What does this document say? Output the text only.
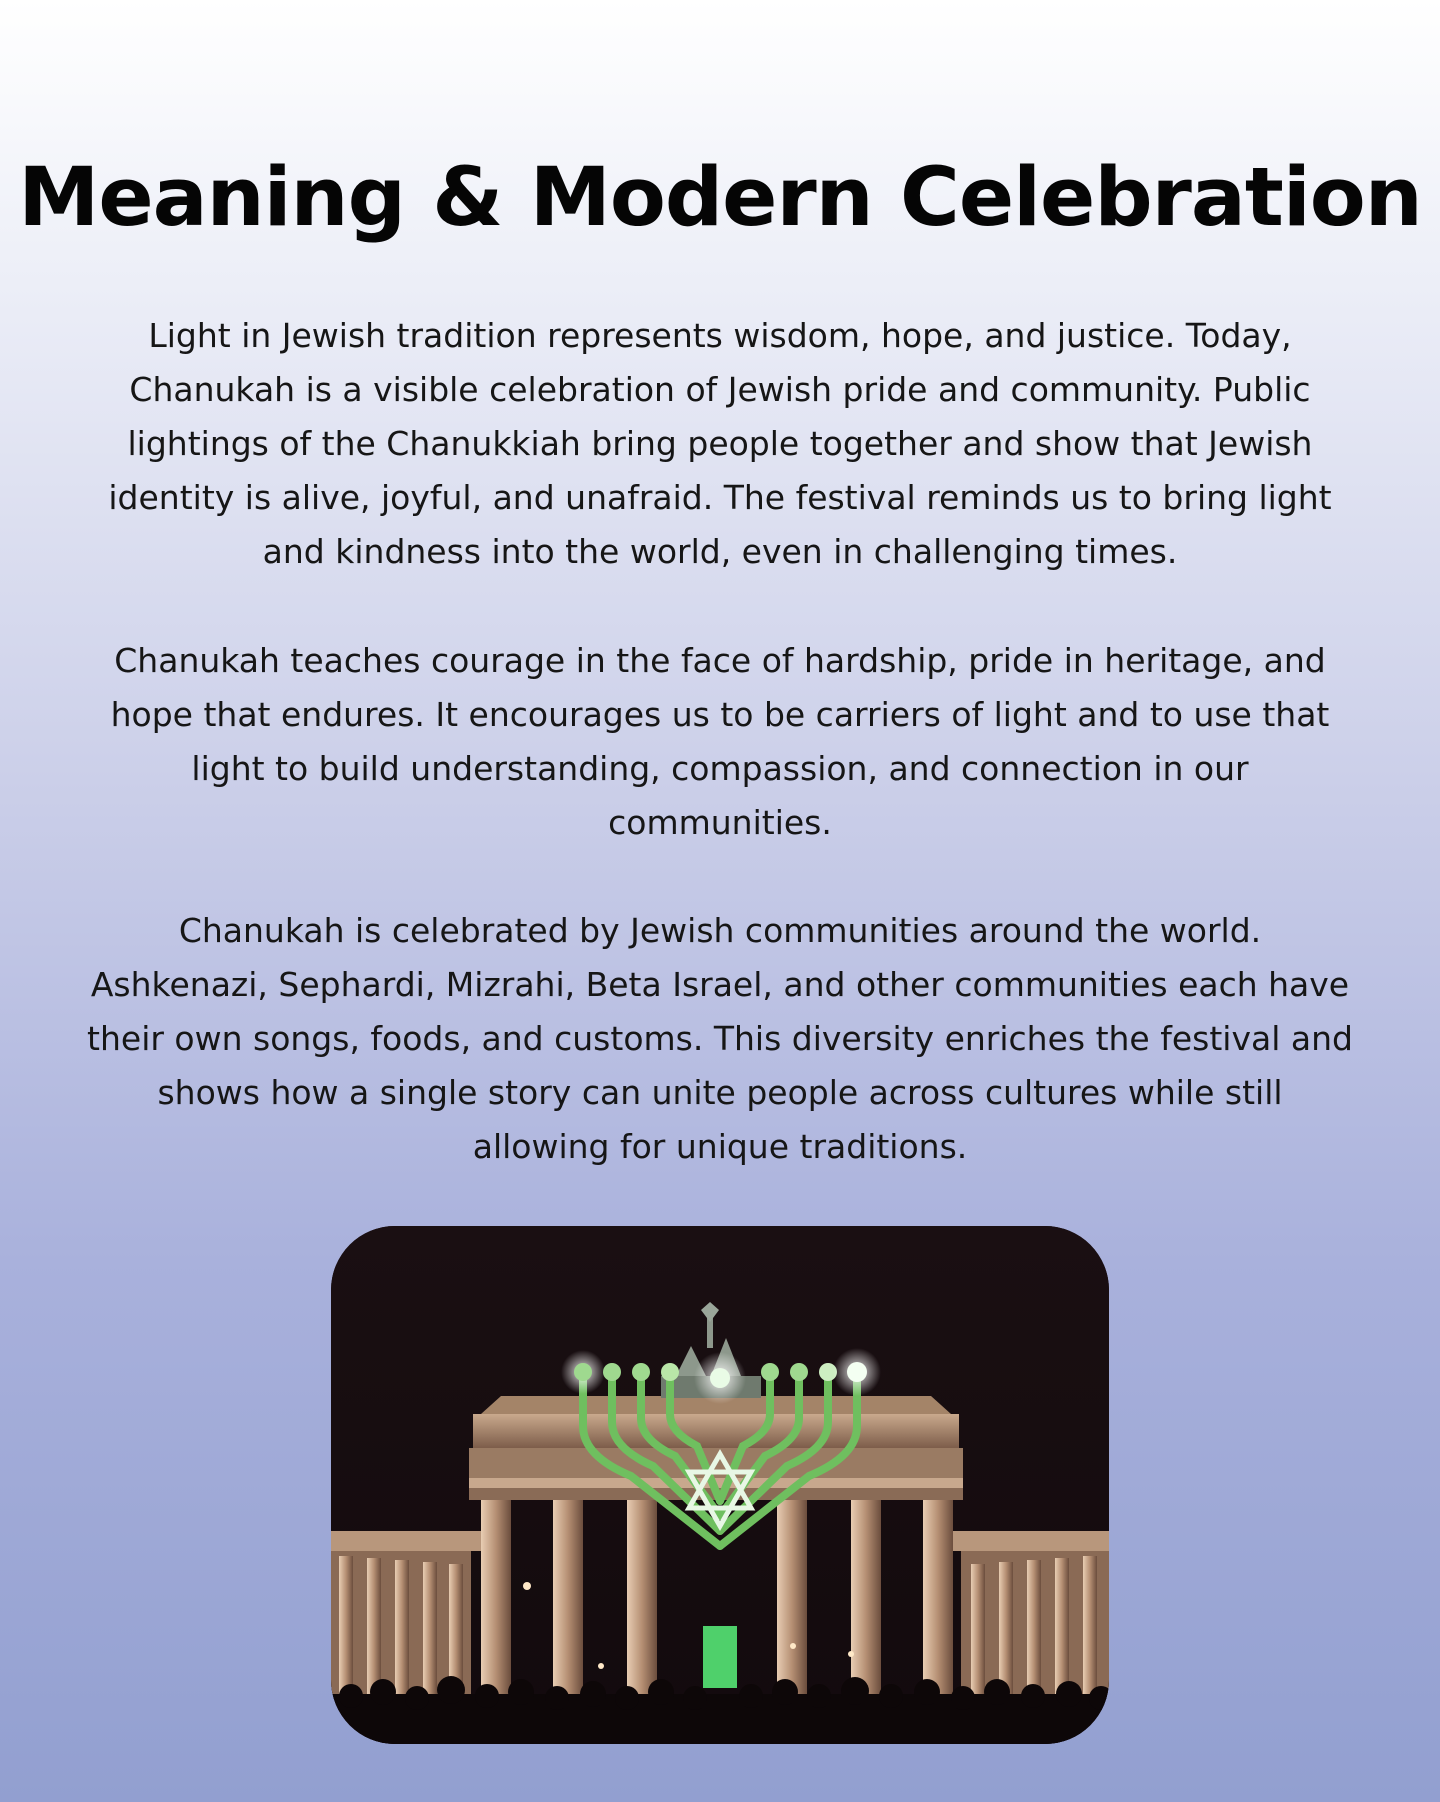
Meaning & Modern Celebration

Light in Jewish tradition represents wisdom, hope, and justice. Today,
Chanukah is a visible celebration of Jewish pride and community. Public
lightings of the Chanukkiah bring people together and show that Jewish
identity is alive, joyful, and unafraid. The festival reminds us to bring light
and kindness into the world, even in challenging times.

Chanukah teaches courage in the face of hardship, pride in heritage, and
hope that endures. It encourages us to be carriers of light and to use that
light to build understanding, compassion, and connection in our
communities.

Chanukah is celebrated by Jewish communities around the world.
Ashkenazi, Sephardi, Mizrahi, Beta Israel, and other communities each have
their own songs, foods, and customs. This diversity enriches the festival and
shows how a single story can unite people across cultures while still
allowing for unique traditions.
